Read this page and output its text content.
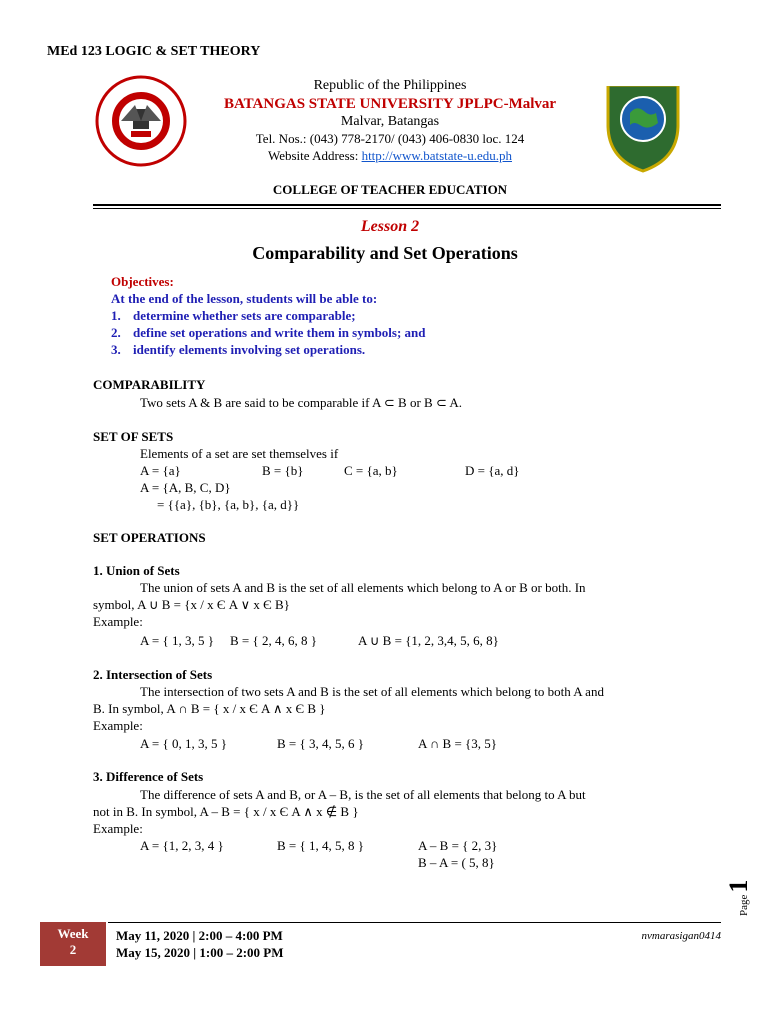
MEd 123 LOGIC & SET THEORY
Republic of the Philippines
BATANGAS STATE UNIVERSITY JPLPC-Malvar
Malvar, Batangas
Tel. Nos.: (043) 778-2170/ (043) 406-0830 loc. 124
Website Address: http://www.batstate-u.edu.ph
COLLEGE OF TEACHER EDUCATION
Lesson 2
Comparability and Set Operations
Objectives:
At the end of the lesson, students will be able to:
1. determine whether sets are comparable;
2. define set operations and write them in symbols; and
3. identify elements involving set operations.
COMPARABILITY
Two sets A & B are said to be comparable if A ⊂ B or B ⊂ A.
SET OF SETS
Elements of a set are set themselves if
A = {a}	B = {b}	C = {a, b}	D = {a, d}
A = {A, B, C, D}
= {{a}, {b}, {a, b}, {a, d}}
SET OPERATIONS
1. Union of Sets
The union of sets A and B is the set of all elements which belong to A or B or both. In
symbol, A ∪ B = {x / x Є A ∨ x Є B}
Example:
A = { 1, 3, 5 } B = { 2, 4, 6, 8 }	A ∪ B = {1, 2, 3,4, 5, 6, 8}
2. Intersection of Sets
The intersection of two sets A and B is the set of all elements which belong to both A and
B. In symbol, A ∩ B = { x / x Є A ∧ x Є B }
Example:
A = { 0, 1, 3, 5 }	B = { 3, 4, 5, 6 }	A ∩ B = {3, 5}
3. Difference of Sets
The difference of sets A and B, or A – B, is the set of all elements that belong to A but
not in B. In symbol, A – B = { x / x Є A ∧ x ∉ B }
Example:
A = {1, 2, 3, 4 }	B = { 1, 4, 5, 8 }	A – B = { 2, 3}
B – A = ( 5, 8}
Page1
Week
2
May 11, 2020 | 2:00 – 4:00 PM
May 15, 2020 | 1:00 – 2:00 PM
nvmarasigan0414
